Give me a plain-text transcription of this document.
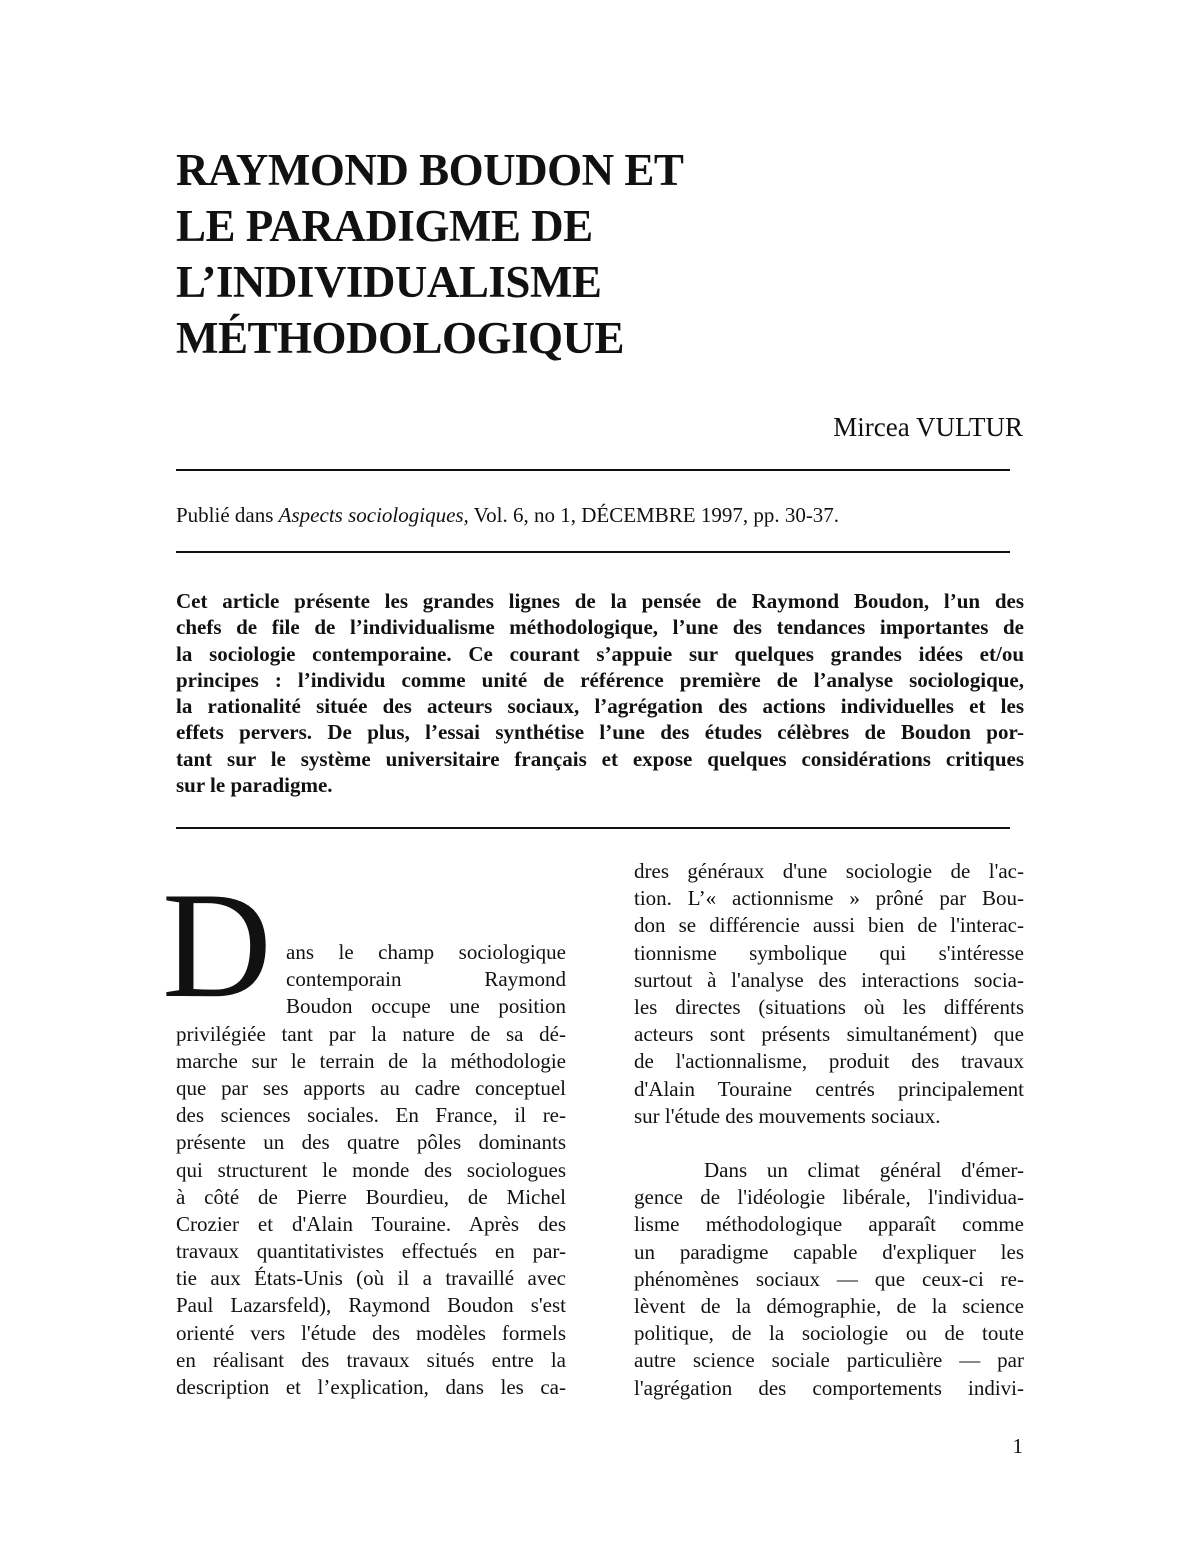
RAYMOND BOUDON ET
LE PARADIGME DE
L’INDIVIDUALISME
MÉTHODOLOGIQUE
Mircea VULTUR
Publié dans Aspects sociologiques, Vol. 6, no 1, DÉCEMBRE 1997, pp. 30-37.
Cet article présente les grandes lignes de la pensée de Raymond Boudon, l’un des
chefs de file de l’individualisme méthodologique, l’une des tendances importantes de
la sociologie contemporaine. Ce courant s’appuie sur quelques grandes idées et/ou
principes : l’individu comme unité de référence première de l’analyse sociologique,
la rationalité située des acteurs sociaux, l’agrégation des actions individuelles et les
effets pervers. De plus, l’essai synthétise l’une des études célèbres de Boudon por-
tant sur le système universitaire français et expose quelques considérations critiques
sur le paradigme.
D ans le champ sociologique
contemporain Raymond
Boudon occupe une position
privilégiée tant par la nature de sa dé-
marche sur le terrain de la méthodologie
que par ses apports au cadre conceptuel
des sciences sociales. En France, il re-
présente un des quatre pôles dominants
qui structurent le monde des sociologues
à côté de Pierre Bourdieu, de Michel
Crozier et d'Alain Touraine. Après des
travaux quantitativistes effectués en par-
tie aux États-Unis (où il a travaillé avec
Paul Lazarsfeld), Raymond Boudon s'est
orienté vers l'étude des modèles formels
en réalisant des travaux situés entre la
description et l’explication, dans les ca-
dres généraux d'une sociologie de l'ac-
tion. L’« actionnisme » prôné par Bou-
don se différencie aussi bien de l'interac-
tionnisme symbolique qui s'intéresse
surtout à l'analyse des interactions socia-
les directes (situations où les différents
acteurs sont présents simultanément) que
de l'actionnalisme, produit des travaux
d'Alain Touraine centrés principalement
sur l'étude des mouvements sociaux.
Dans un climat général d'émer-
gence de l'idéologie libérale, l'individua-
lisme méthodologique apparaît comme
un paradigme capable d'expliquer les
phénomènes sociaux — que ceux-ci re-
lèvent de la démographie, de la science
politique, de la sociologie ou de toute
autre science sociale particulière — par
l'agrégation des comportements indivi-
1
